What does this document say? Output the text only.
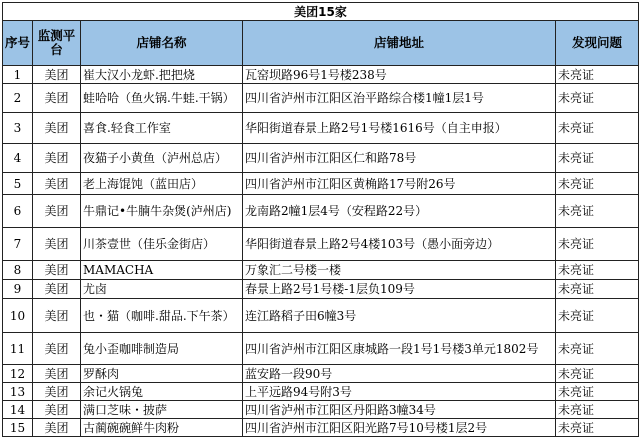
美团15家				
序号	监测平台	店铺名称	店铺地址	发现问题
1	美团	崔大汉小龙虾.把把烧	瓦窑坝路96号1号楼238号	未亮证
2	美团	蛙哈哈（鱼火锅.牛蛙.干锅）	四川省泸州市江阳区治平路综合楼1幢1层1号	未亮证
3	美团	喜食.轻食工作室	华阳街道春景上路2号1号楼1616号（自主申报）	未亮证
4	美团	夜猫子小黄鱼（泸州总店）	四川省泸州市江阳区仁和路78号	未亮证
5	美团	老上海馄饨（蓝田店）	四川省泸州市江阳区黄桷路17号附26号	未亮证
6	美团	牛鼎记•牛腩牛杂煲(泸州店)	龙南路2幢1层4号（安程路22号）	未亮证
7	美团	川茶壹世（佳乐金街店）	华阳街道春景上路2号4楼103号（愚小面旁边）	未亮证
8	美团	MAMACHA	万象汇二号楼一楼	未亮证
9	美团	尤卤	春景上路2号1号楼-1层负109号	未亮证
10	美团	也・猫（咖啡.甜品.下午茶）	连江路稻子田6幢3号	未亮证
11	美团	兔小歪咖啡制造局	四川省泸州市江阳区康城路一段1号1号楼3单元1802号	未亮证
12	美团	罗酥肉	蓝安路一段90号	未亮证
13	美团	余记火锅兔	上平远路94号附3号	未亮证
14	美团	满口芝味・披萨	四川省泸州市江阳区丹阳路3幢34号	未亮证
15	美团	古蔺碗碗鲜牛肉粉	四川省泸州市江阳区阳光路7号10号楼1层2号	未亮证
